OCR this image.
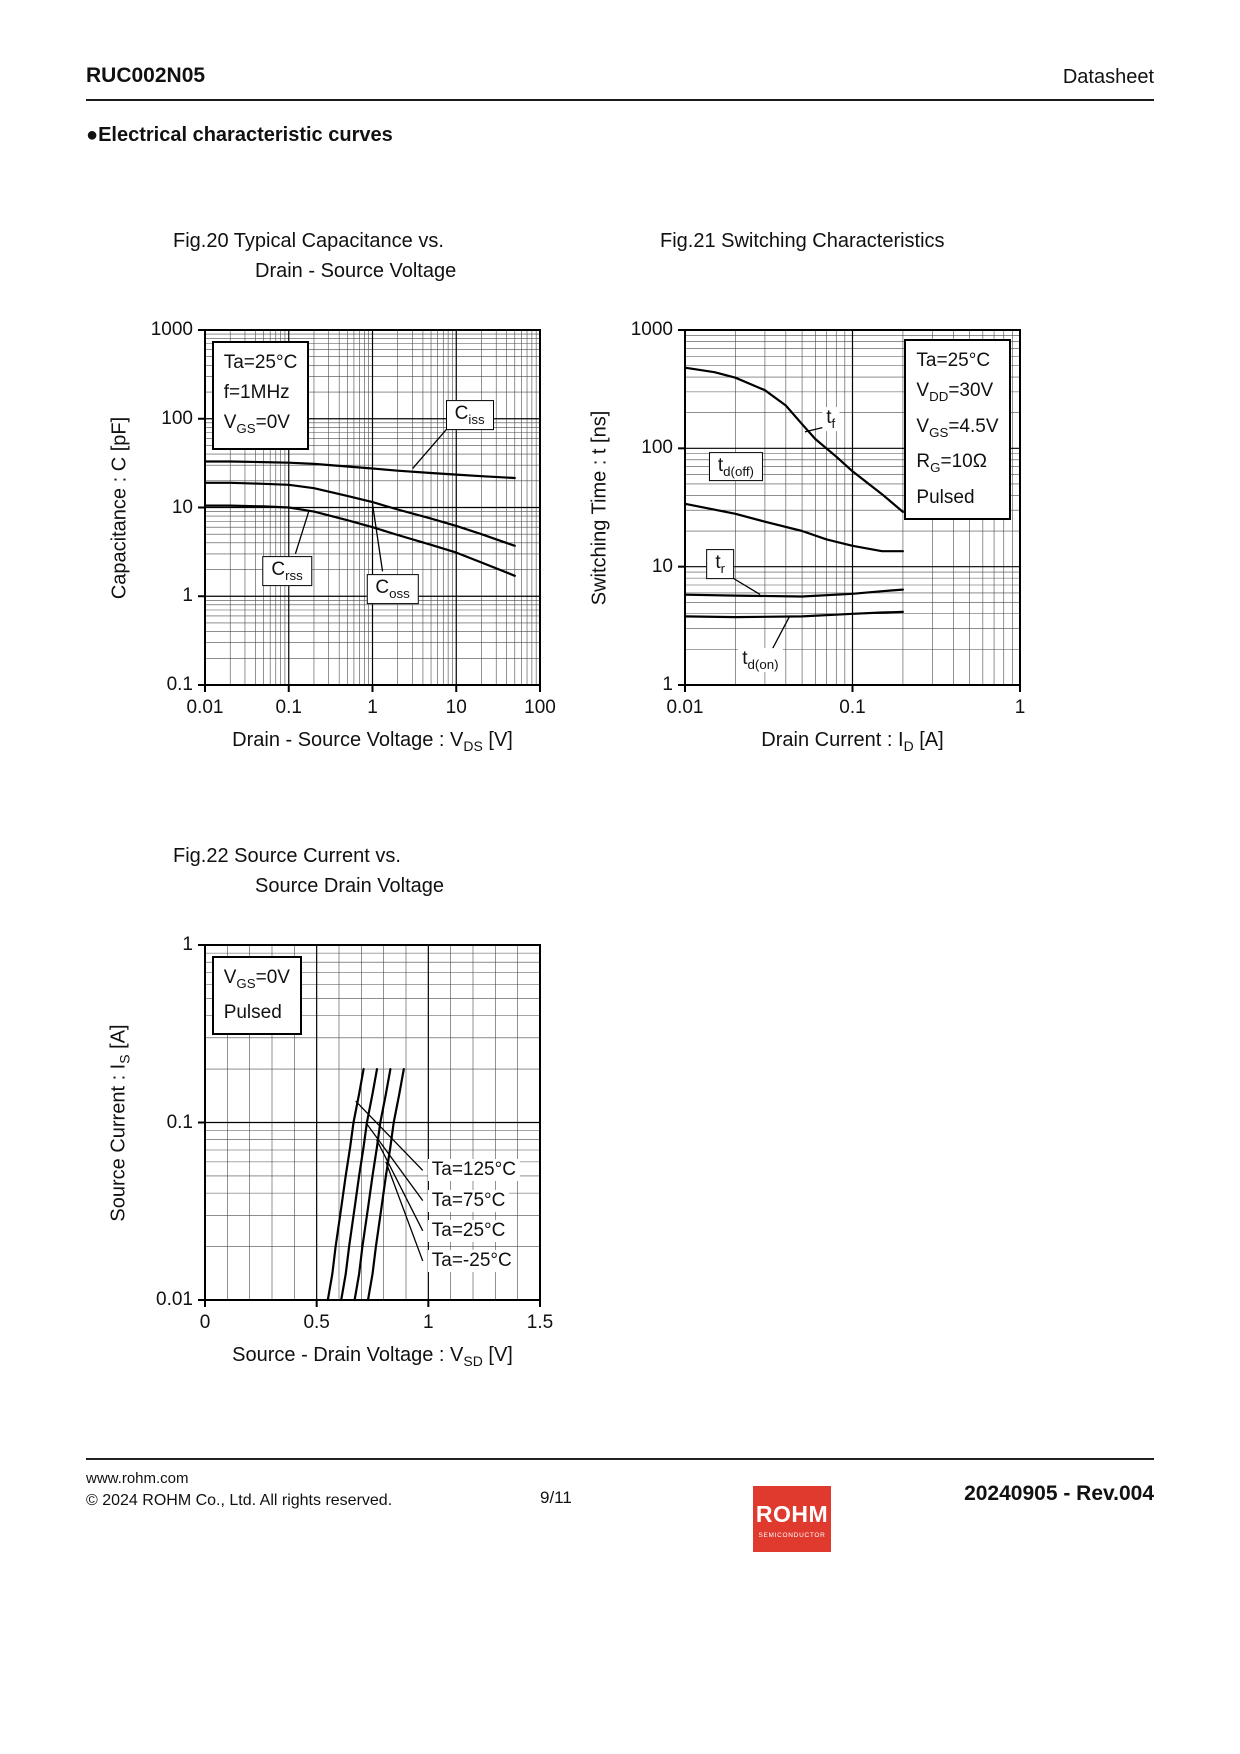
RUC002N05	Datasheet
●Electrical characteristic curves
Fig.20 Typical Capacitance vs.
Drain - Source Voltage
Fig.21 Switching Characteristics
Fig.22 Source Current vs.
Source Drain Voltage
0.01	0.1	1	10	100
1000
100
10
1
0.1
Drain - Source Voltage : $V_{DS}$ [V]
Capacitance : C [pF]
Ta=25°C
f=1MHz
$V_{GS}=0V$	$C_{iss}$
$C_{rss}$
$C_{oss}$
0.01	0.1	1
1000
100
10
1
Drain Current : $I_D$ [A]
Switching Time : t [ns]
Ta=25°C
$V_{DD}=30V$
$V_{GS}=4.5V$
$R_G=10\Omega$
Pulsed
$t_f$
$t_{d(off)}$
$t_r$
$t_{d(on)}$
0	0.5	1	1.5
1
0.1
0.01
Source - Drain Voltage : $V_{SD}$ [V]
Source Current : $I_S$ [A]
$V_{GS}=0V$
Pulsed
Ta=125°C
Ta=75°C
Ta=25°C
Ta=-25°C
www.rohm.com
© 2024 ROHM Co., Ltd. All rights reserved.	9/11	20240905 - Rev.004
ROHM
SEMICONDUCTOR
